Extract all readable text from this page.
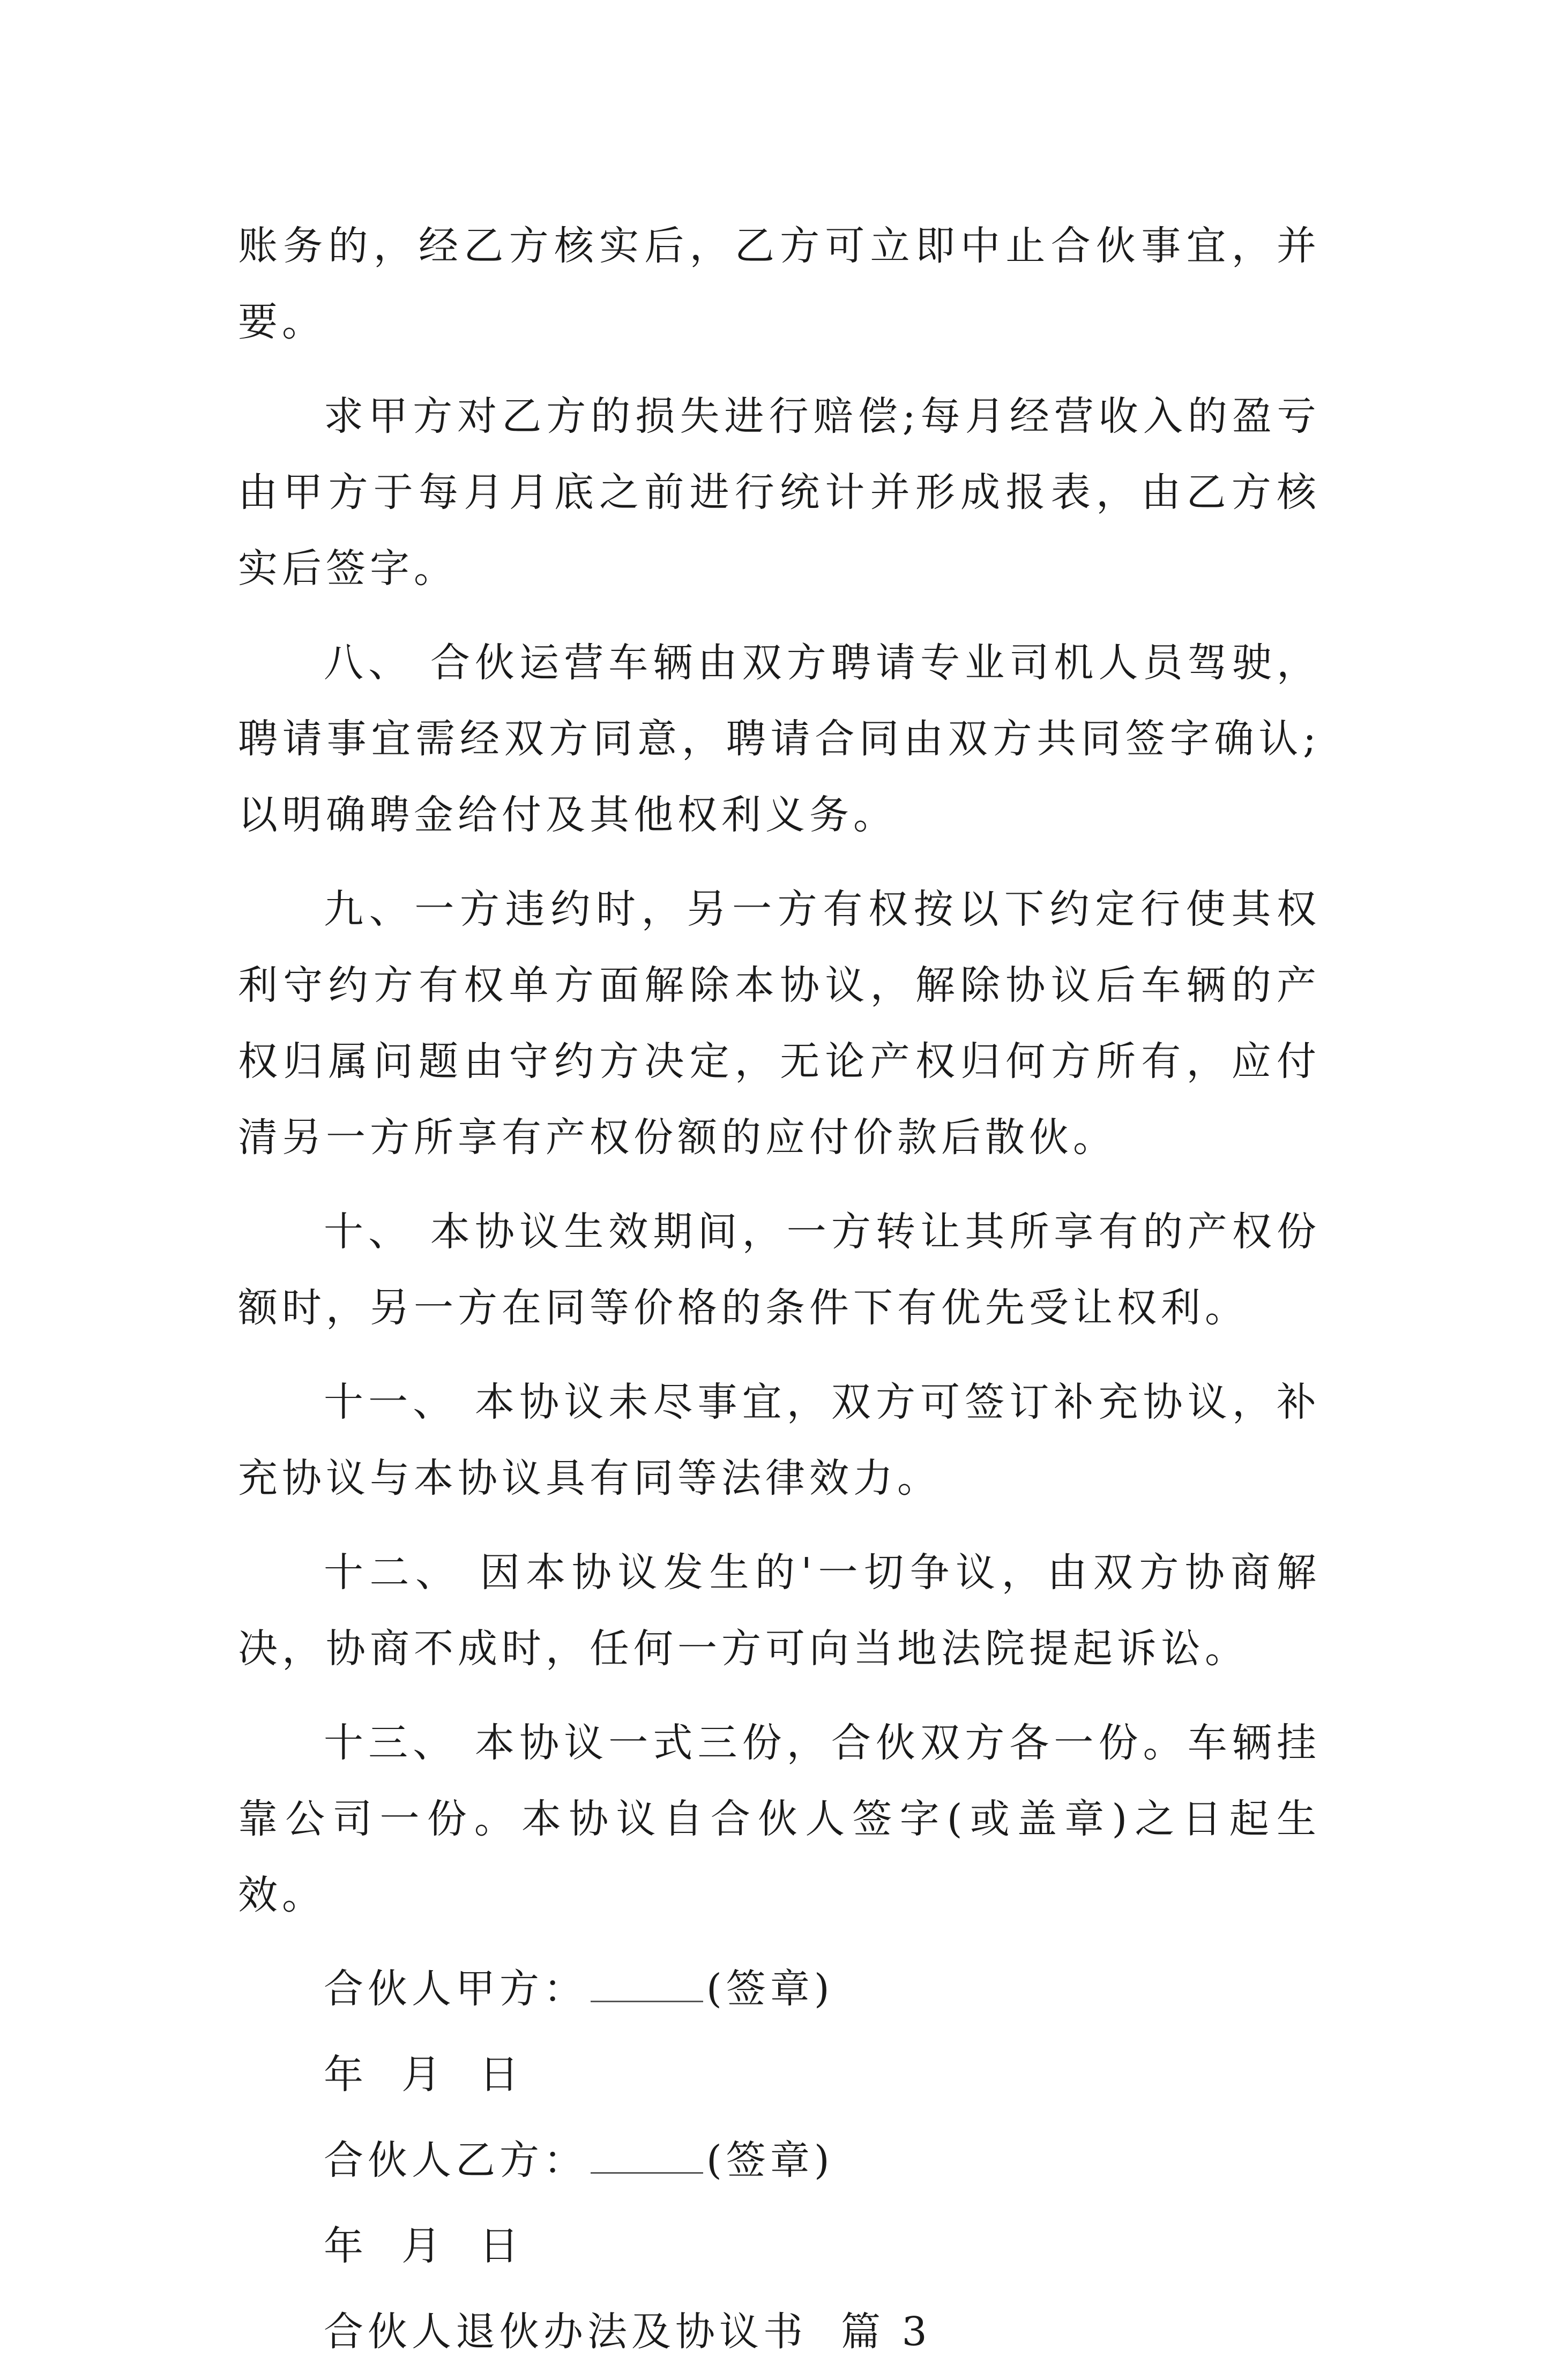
账务的，经乙方核实后，乙方可立即中止合伙事宜，并要。

求甲方对乙方的损失进行赔偿;每月经营收入的盈亏由甲方于每月月底之前进行统计并形成报表，由乙方核实后签字。

八、 合伙运营车辆由双方聘请专业司机人员驾驶，聘请事宜需经双方同意，聘请合同由双方共同签字确认;以明确聘金给付及其他权利义务。

九、一方违约时，另一方有权按以下约定行使其权利守约方有权单方面解除本协议，解除协议后车辆的产权归属问题由守约方决定，无论产权归何方所有，应付清另一方所享有产权份额的应付价款后散伙。

十、 本协议生效期间，一方转让其所享有的产权份额时，另一方在同等价格的条件下有优先受让权利。

十一、 本协议未尽事宜，双方可签订补充协议，补充协议与本协议具有同等法律效力。

十二、 因本协议发生的'一切争议，由双方协商解决，协商不成时，任何一方可向当地法院提起诉讼。

十三、 本协议一式三份，合伙双方各一份。车辆挂靠公司一份。本协议自合伙人签字(或盖章)之日起生效。

合伙人甲方：	(签章)
年  月  日
合伙人乙方：	(签章)
年  月  日
合伙人退伙办法及协议书  篇 3
